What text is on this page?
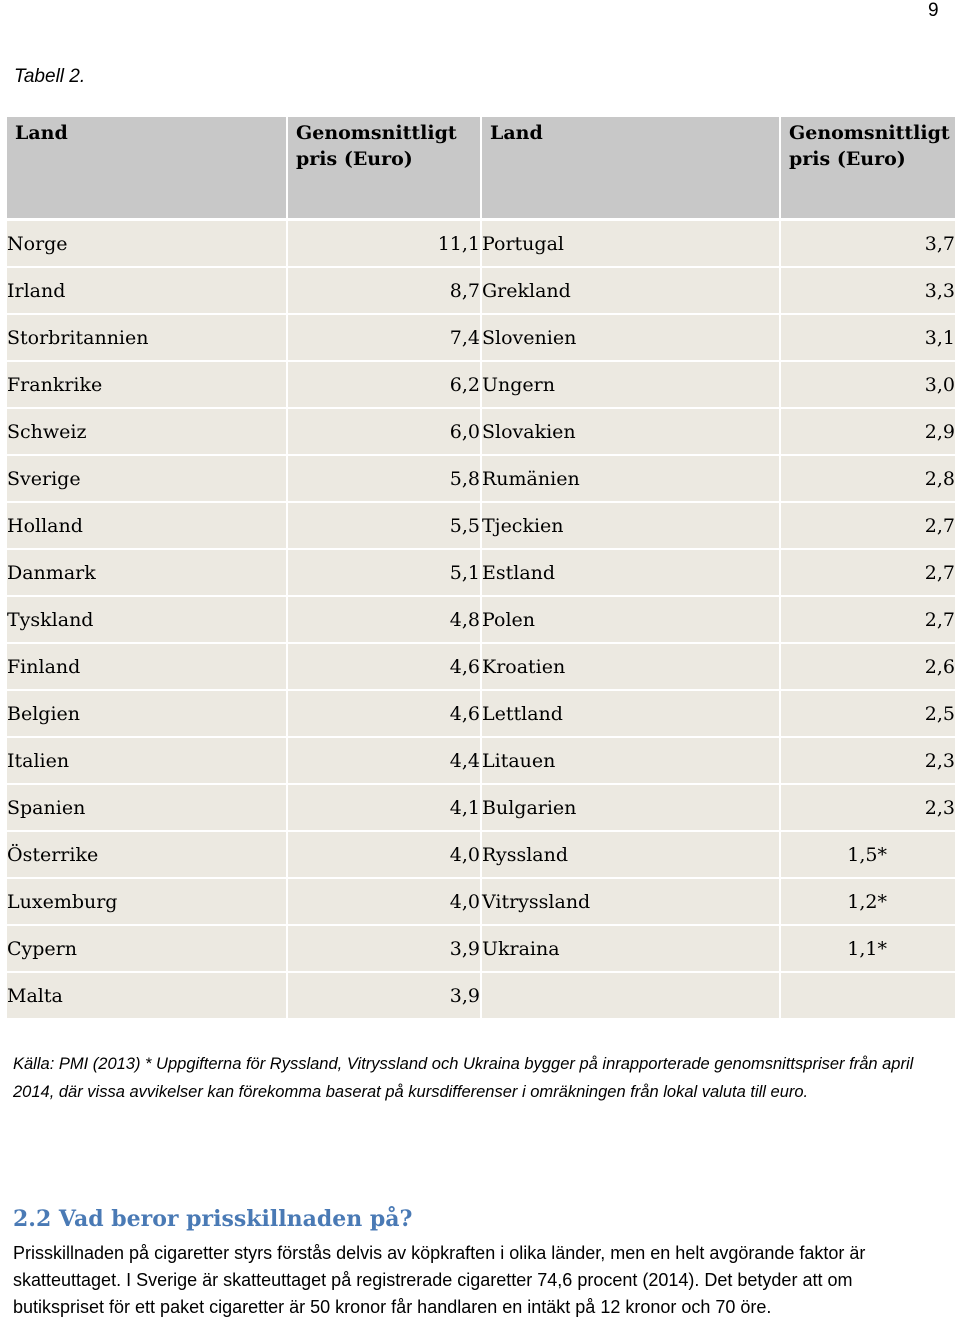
9
Tabell 2.
Land	Genomsnittligt pris (Euro)	Land	Genomsnittligt pris (Euro)
Norge	11,1	Portugal	3,7
Irland	8,7	Grekland	3,3
Storbritannien	7,4	Slovenien	3,1
Frankrike	6,2	Ungern	3,0
Schweiz	6,0	Slovakien	2,9
Sverige	5,8	Rumänien	2,8
Holland	5,5	Tjeckien	2,7
Danmark	5,1	Estland	2,7
Tyskland	4,8	Polen	2,7
Finland	4,6	Kroatien	2,6
Belgien	4,6	Lettland	2,5
Italien	4,4	Litauen	2,3
Spanien	4,1	Bulgarien	2,3
Österrike	4,0	Ryssland	1,5*
Luxemburg	4,0	Vitryssland	1,2*
Cypern	3,9	Ukraina	1,1*
Malta	3,9		
Källa: PMI (2013) * Uppgifterna för Ryssland, Vitryssland och Ukraina bygger på inrapporterade genomsnittspriser från april 2014, där vissa avvikelser kan förekomma baserat på kursdifferenser i omräkningen från lokal valuta till euro.
2.2 Vad beror prisskillnaden på?
Prisskillnaden på cigaretter styrs förstås delvis av köpkraften i olika länder, men en helt avgörande faktor är skatteuttaget. I Sverige är skatteuttaget på registrerade cigaretter 74,6 procent (2014). Det betyder att om butikspriset för ett paket cigaretter är 50 kronor får handlaren en intäkt på 12 kronor och 70 öre.
